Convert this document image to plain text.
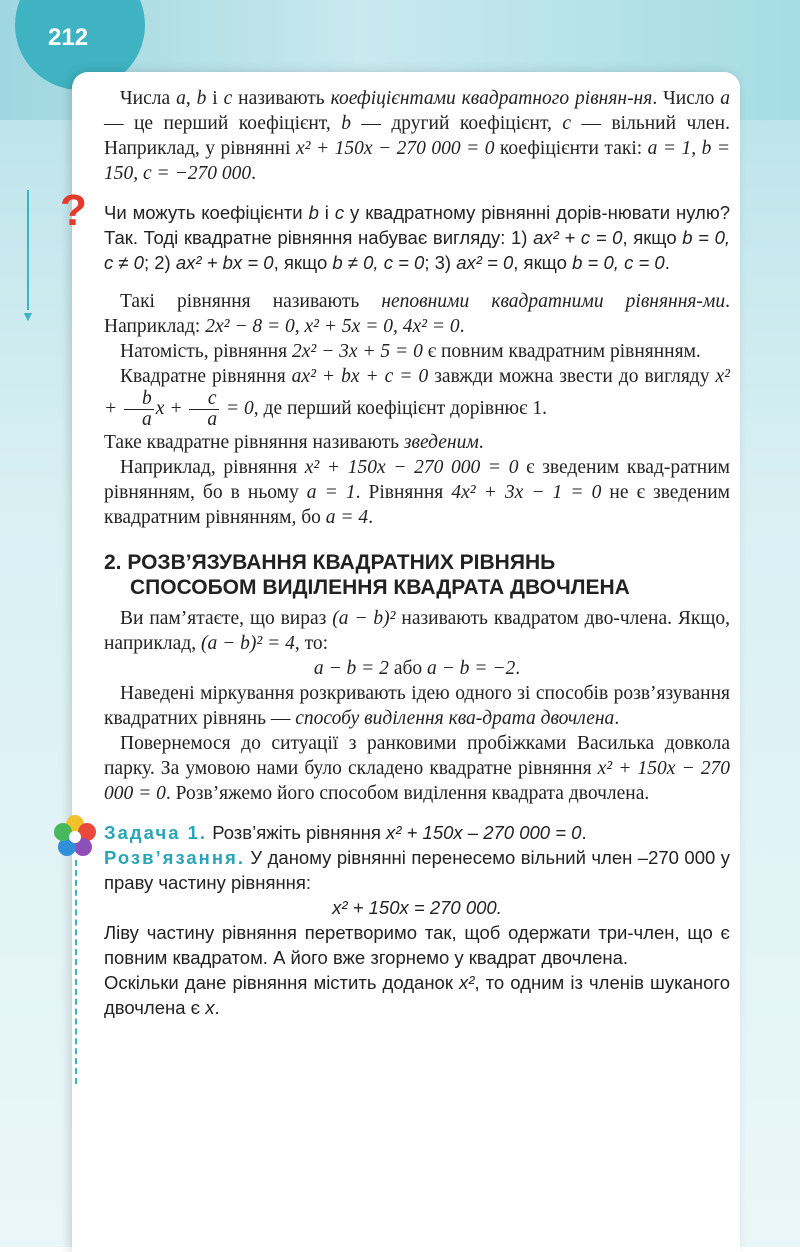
212

Числа a, b і c називають коефіцієнтами квадратного рівнян-ня. Число a — це перший коефіцієнт, b — другий коефіцієнт, c — вільний член. Наприклад, у рівнянні x² + 150x − 270 000 = 0 коефіцієнти такі: a = 1, b = 150, c = −270 000.

?
▼

Чи можуть коефіцієнти b і c у квадратному рівнянні дорів-нювати нулю? Так. Тоді квадратне рівняння набуває вигляду: 1) ax² + c = 0, якщо b = 0, c ≠ 0; 2) ax² + bx = 0, якщо b ≠ 0, c = 0; 3) ax² = 0, якщо b = 0, c = 0.

Такі рівняння називають неповними квадратними рівняння-ми. Наприклад: 2x² − 8 = 0, x² + 5x = 0, 4x² = 0.

Натомість, рівняння 2x² − 3x + 5 = 0 є повним квадратним рівнянням.

Квадратне рівняння ax² + bx + c = 0 завжди можна звести до вигляду $x^2 + \frac{b}{a}$ $x + \frac{c}{a} = 0$, де перший коефіцієнт дорівнює 1.

Таке квадратне рівняння називають зведеним.

Наприклад, рівняння x² + 150x − 270 000 = 0 є зведеним квад-ратним рівнянням, бо в ньому a = 1. Рівняння 4x² + 3x − 1 = 0 не є зведеним квадратним рівнянням, бо a = 4.

2. РОЗВ’ЯЗУВАННЯ КВАДРАТНИХ РІВНЯНЬ
СПОСОБОМ ВИДІЛЕННЯ КВАДРАТА ДВОЧЛЕНА

Ви пам’ятаєте, що вираз (a − b)² називають квадратом дво-члена. Якщо, наприклад, (a − b)² = 4, то:

a − b = 2 або a − b = −2.

Наведені міркування розкривають ідею одного зі способів розв’язування квадратних рівнянь — способу виділення ква-драта двочлена.

Повернемося до ситуації з ранковими пробіжками Василька довкола парку. За умовою нами було складено квадратне рівняння x² + 150x − 270 000 = 0. Розв’яжемо його способом виділення квадрата двочлена.

Задача 1. Розв’яжіть рівняння x² + 150x – 270 000 = 0.

Розв’язання. У даному рівнянні перенесемо вільний член –270 000 у праву частину рівняння:

x² + 150x = 270 000.

Ліву частину рівняння перетворимо так, щоб одержати три-член, що є повним квадратом. А його вже згорнемо у квадрат двочлена.

Оскільки дане рівняння містить доданок x², то одним із членів шуканого двочлена є x.
